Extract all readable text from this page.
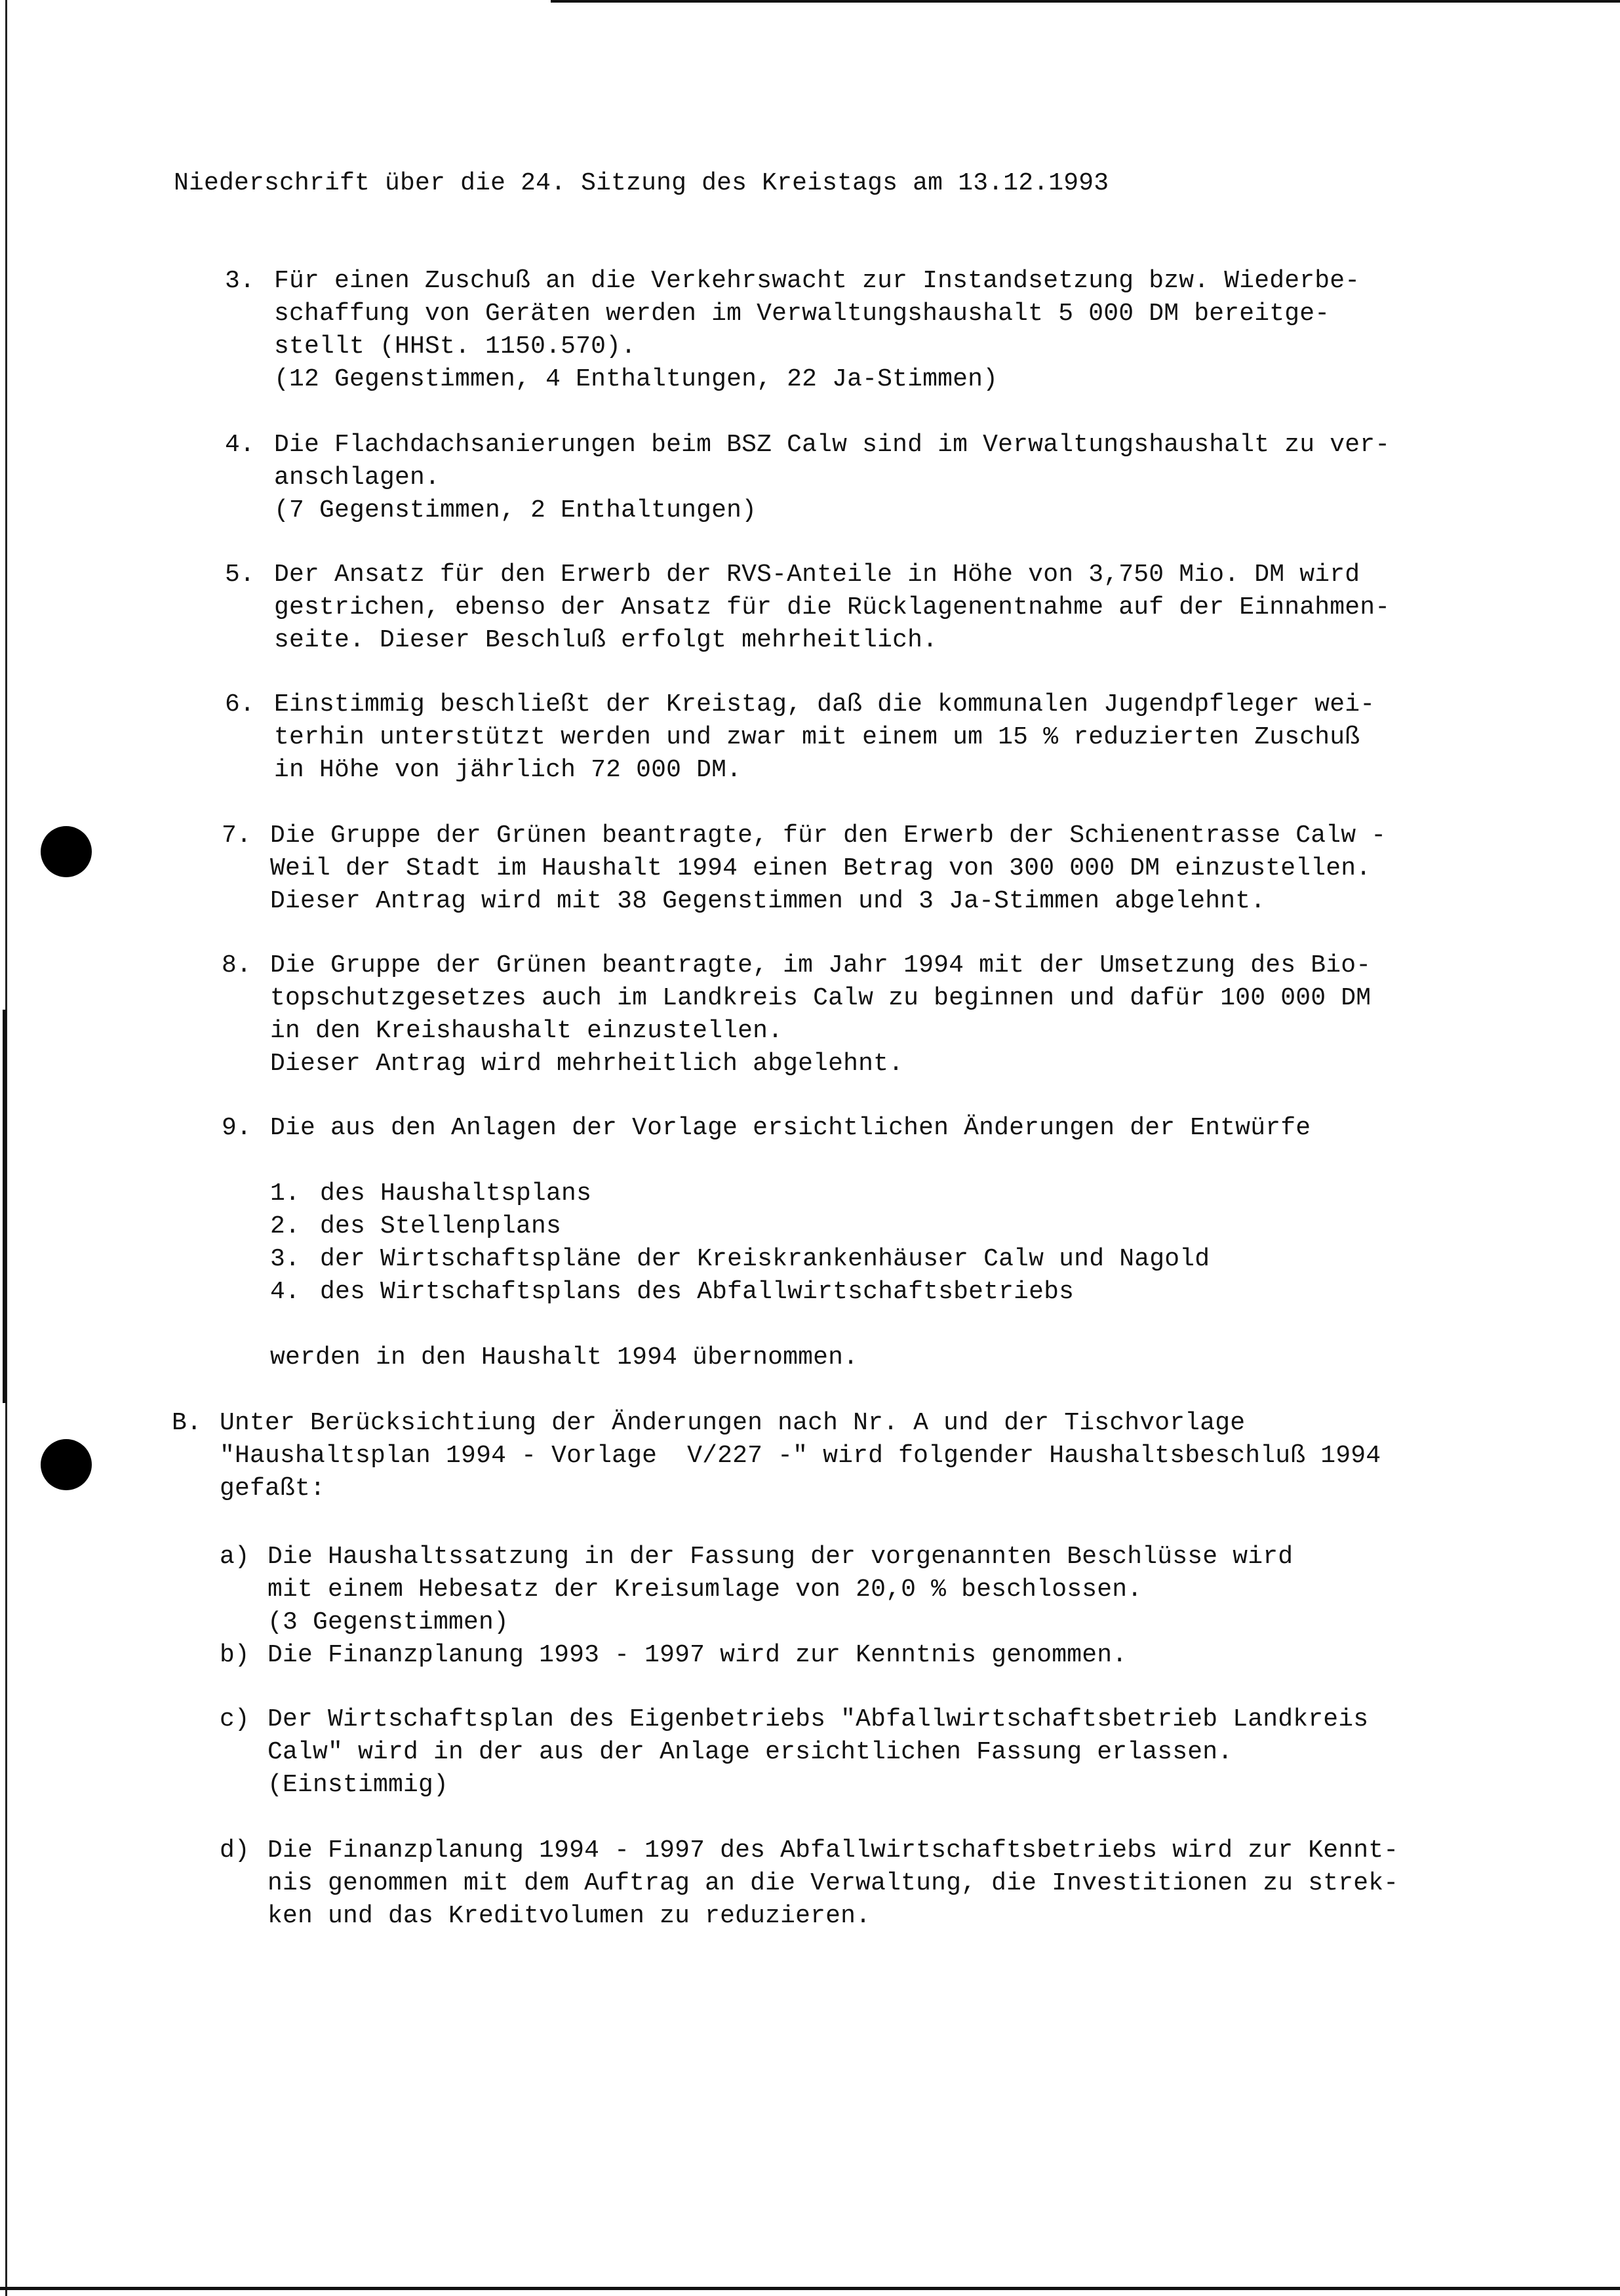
Niederschrift über die 24. Sitzung des Kreistags am 13.12.1993
3. Für einen Zuschuß an die Verkehrswacht zur Instandsetzung bzw. Wiederbe-
schaffung von Geräten werden im Verwaltungshaushalt 5 000 DM bereitge-
stellt (HHSt. 1150.570).
(12 Gegenstimmen, 4 Enthaltungen, 22 Ja-Stimmen)
4. Die Flachdachsanierungen beim BSZ Calw sind im Verwaltungshaushalt zu ver-
anschlagen.
(7 Gegenstimmen, 2 Enthaltungen)
5. Der Ansatz für den Erwerb der RVS-Anteile in Höhe von 3,750 Mio. DM wird
gestrichen, ebenso der Ansatz für die Rücklagenentnahme auf der Einnahmen-
seite. Dieser Beschluß erfolgt mehrheitlich.
6. Einstimmig beschließt der Kreistag, daß die kommunalen Jugendpfleger wei-
terhin unterstützt werden und zwar mit einem um 15 % reduzierten Zuschuß
in Höhe von jährlich 72 000 DM.
7. Die Gruppe der Grünen beantragte, für den Erwerb der Schienentrasse Calw -
Weil der Stadt im Haushalt 1994 einen Betrag von 300 000 DM einzustellen.
Dieser Antrag wird mit 38 Gegenstimmen und 3 Ja-Stimmen abgelehnt.
8. Die Gruppe der Grünen beantragte, im Jahr 1994 mit der Umsetzung des Bio-
topschutzgesetzes auch im Landkreis Calw zu beginnen und dafür 100 000 DM
in den Kreishaushalt einzustellen.
Dieser Antrag wird mehrheitlich abgelehnt.
9. Die aus den Anlagen der Vorlage ersichtlichen Änderungen der Entwürfe
1. des Haushaltsplans
2. des Stellenplans
3. der Wirtschaftspläne der Kreiskrankenhäuser Calw und Nagold
4. des Wirtschaftsplans des Abfallwirtschaftsbetriebs
werden in den Haushalt 1994 übernommen.
B. Unter Berücksichtiung der Änderungen nach Nr. A und der Tischvorlage
"Haushaltsplan 1994 - Vorlage  V/227 -" wird folgender Haushaltsbeschluß 1994
gefaßt:
a) Die Haushaltssatzung in der Fassung der vorgenannten Beschlüsse wird
mit einem Hebesatz der Kreisumlage von 20,0 % beschlossen.
(3 Gegenstimmen)
b) Die Finanzplanung 1993 - 1997 wird zur Kenntnis genommen.
c) Der Wirtschaftsplan des Eigenbetriebs "Abfallwirtschaftsbetrieb Landkreis
Calw" wird in der aus der Anlage ersichtlichen Fassung erlassen.
(Einstimmig)
d) Die Finanzplanung 1994 - 1997 des Abfallwirtschaftsbetriebs wird zur Kennt-
nis genommen mit dem Auftrag an die Verwaltung, die Investitionen zu strek-
ken und das Kreditvolumen zu reduzieren.
